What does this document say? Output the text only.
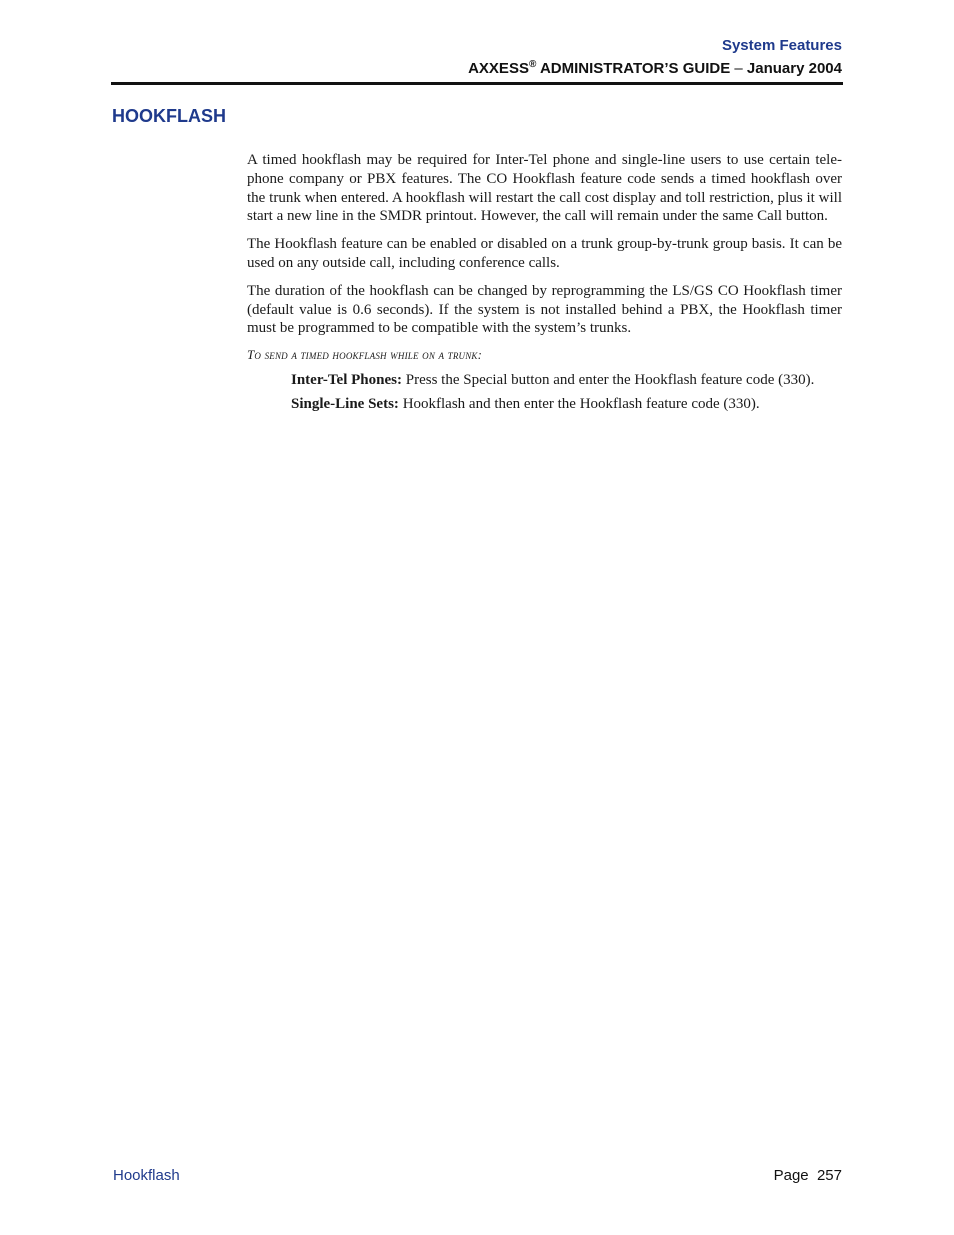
System Features
AXXESS® ADMINISTRATOR’S GUIDE – January 2004
HOOKFLASH

A timed hookflash may be required for Inter-Tel phone and single-line users to use certain tele-phone company or PBX features. The CO Hookflash feature code sends a timed hookflash over the trunk when entered. A hookflash will restart the call cost display and toll restriction, plus it will start a new line in the SMDR printout. However, the call will remain under the same Call button.

The Hookflash feature can be enabled or disabled on a trunk group-by-trunk group basis. It can be used on any outside call, including conference calls.

The duration of the hookflash can be changed by reprogramming the LS/GS CO Hookflash timer (default value is 0.6 seconds). If the system is not installed behind a PBX, the Hookflash timer must be programmed to be compatible with the system’s trunks.

To send a timed hookflash while on a trunk:
Inter-Tel Phones: Press the Special button and enter the Hookflash feature code (330).
Single-Line Sets: Hookflash and then enter the Hookflash feature code (330).
Hookflash	Page  257
